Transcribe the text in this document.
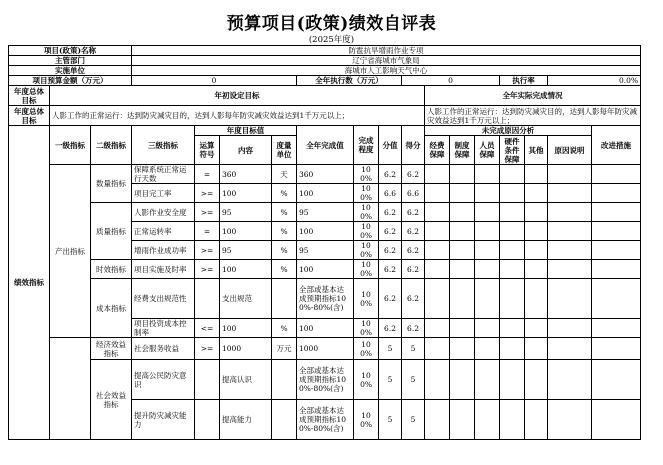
预算项目(政策)绩效自评表
(2025年度)
项目(政策)名称			防雹抗旱增雨作业专项														
主管部门			辽宁省海城市气象局														
实施单位			海城市人工影响天气中心														
项目预算金额（万元）			0				全年执行数（万元）			0				执行率		0.0%	
年度总体目标	年初设定目标										全年实际完成情况						
年度总体目标	人影工作的正常运行：达到防灾减灾目的，达到人影每年防灾减灾效益达到1千万元以上；										人影工作的正常运行：达到防灾减灾目的，达到人影每年防灾减灾效益达到1千万元以上；						
绩效指标	一级指标	二级指标	三级指标	年度目标值			全年完成值	完成程度	分值	得分	未完成原因分析						改进措施
				运算符号	内容	度量单位					经费保障	制度保障	人员保障	硬件条件保障	其他	原因说明	

	产出指标	数量指标	保障系统正常运行天数	=	360	天	360	100%	6.2	6.2							
			项目完工率	>=	100	%	100	100%	6.6	6.6							
		质量指标	人影作业安全度	>=	95	%	95	100%	6.2	6.2							
			正常运转率	=	100	%	100	100%	6.2	6.2							
			增雨作业成功率	>=	95	%	95	100%	6.2	6.2							
		时效指标	项目实施及时率	>=	100	%	100	100%	6.2	6.2							
		成本指标	经费支出规范性		支出规范		全部或基本达成预期指标100%-80%(含)	100%	6.2	6.2							
			项目投资成本控制率	<=	100	%	100	100%	6.2	6.2							
		经济效益指标	社会服务收益	>=	1000	万元	1000	100%	5	5							
		社会效益指标	提高公民防灾意识		提高认识		全部或基本达成预期指标100%-80%(含)	100%	5	5							
			提升防灾减灾能力		提高能力		全部或基本达成预期指标100%-80%(含)	100%	5	5							
